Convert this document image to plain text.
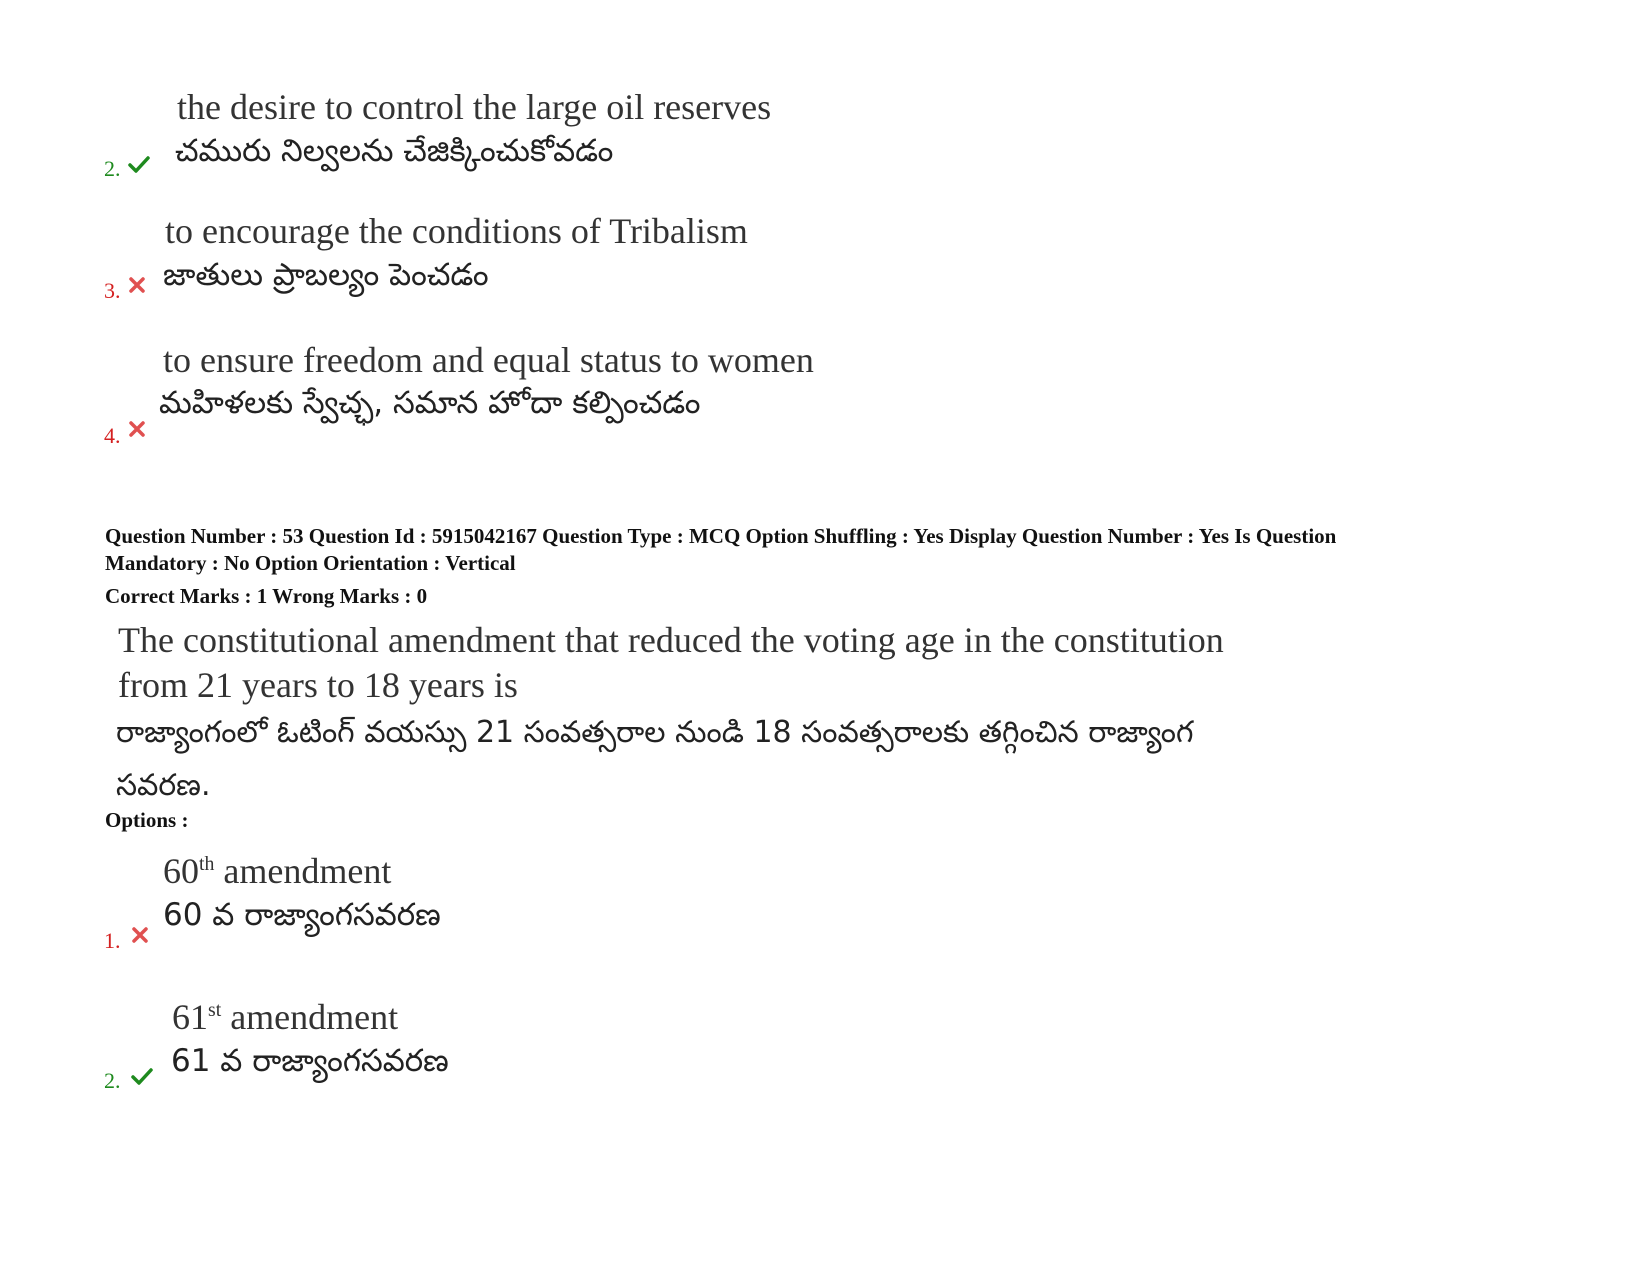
the desire to control the large oil reserves
చమురు నిల్వలను చేజిక్కించుకోవడం
2.
to encourage the conditions of Tribalism
జాతులు ప్రాబల్యం పెంచడం
3.
to ensure freedom and equal status to women
మహిళలకు స్వేచ్ఛ, సమాన హోదా కల్పించడం
4.
Question Number : 53 Question Id : 5915042167 Question Type : MCQ Option Shuffling : Yes Display Question Number : Yes Is Question
Mandatory : No Option Orientation : Vertical
Correct Marks : 1 Wrong Marks : 0
The constitutional amendment that reduced the voting age in the constitution
from 21 years to 18 years is
రాజ్యాంగంలో ఓటింగ్ వయస్సు 21 సంవత్సరాల నుండి 18 సంవత్సరాలకు తగ్గించిన రాజ్యాంగ
సవరణ.
Options :
60th amendment
60 వ రాజ్యాంగసవరణ
1.
61st amendment
61 వ రాజ్యాంగసవరణ
2.
